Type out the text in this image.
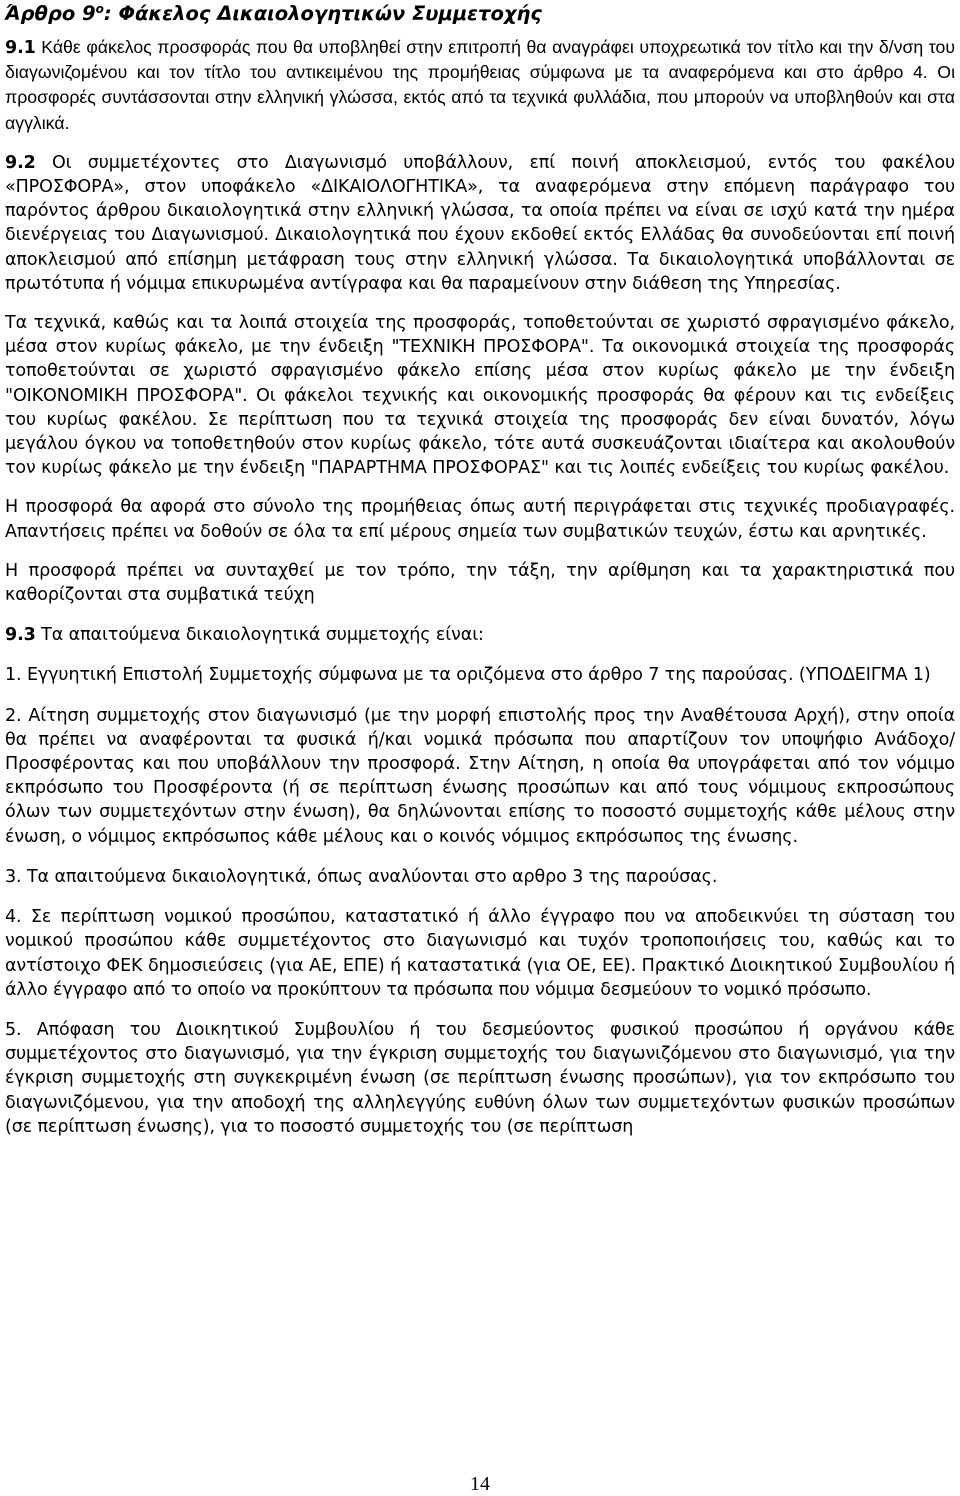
Άρθρο $9^o$: Φάκελος Δικαιολογητικών Συμμετοχής

9.1 Κάθε φάκελος προσφοράς που θα υποβληθεί στην επιτροπή θα αναγράφει υποχρεωτικά τον τίτλο και την δ/νση του διαγωνιζομένου και τον τίτλο του αντικειμένου της προμήθειας σύμφωνα με τα αναφερόμενα και στο άρθρο 4. Οι προσφορές συντάσσονται στην ελληνική γλώσσα, εκτός από τα τεχνικά φυλλάδια, που μπορούν να υποβληθούν και στα αγγλικά.

9.2 Οι συμμετέχοντες στο Διαγωνισμό υποβάλλουν, επί ποινή αποκλεισμού, εντός του φακέλου «ΠΡΟΣΦΟΡΑ», στον υποφάκελο «ΔΙΚΑΙΟΛΟΓΗΤΙΚΑ», τα αναφερόμενα στην επόμενη παράγραφο του παρόντος άρθρου δικαιολογητικά στην ελληνική γλώσσα, τα οποία πρέπει να είναι σε ισχύ κατά την ημέρα διενέργειας του Διαγωνισμού. Δικαιολογητικά που έχουν εκδοθεί εκτός Ελλάδας θα συνοδεύονται επί ποινή αποκλεισμού από επίσημη μετάφραση τους στην ελληνική γλώσσα. Τα δικαιολογητικά υποβάλλονται σε πρωτότυπα ή νόμιμα επικυρωμένα αντίγραφα και θα παραμείνουν στην διάθεση της Υπηρεσίας.

Τα τεχνικά, καθώς και τα λοιπά στοιχεία της προσφοράς, τοποθετούνται σε χωριστό σφραγισμένο φάκελο, μέσα στον κυρίως φάκελο, με την ένδειξη "ΤΕΧΝΙΚΗ ΠΡΟΣΦΟΡΑ". Τα οικονομικά στοιχεία της προσφοράς τοποθετούνται σε χωριστό σφραγισμένο φάκελο επίσης μέσα στον κυρίως φάκελο με την ένδειξη "ΟΙΚΟΝΟΜΙΚΗ ΠΡΟΣΦΟΡΑ". Οι φάκελοι τεχνικής και οικονομικής προσφοράς θα φέρουν και τις ενδείξεις του κυρίως φακέλου. Σε περίπτωση που τα τεχνικά στοιχεία της προσφοράς δεν είναι δυνατόν, λόγω μεγάλου όγκου να τοποθετηθούν στον κυρίως φάκελο, τότε αυτά συσκευάζονται ιδιαίτερα και ακολουθούν τον κυρίως φάκελο με την ένδειξη "ΠΑΡΑΡΤΗΜΑ ΠΡΟΣΦΟΡΑΣ" και τις λοιπές ενδείξεις του κυρίως φακέλου.

Η προσφορά θα αφορά στο σύνολο της προμήθειας όπως αυτή περιγράφεται στις τεχνικές προδιαγραφές. Απαντήσεις πρέπει να δοθούν σε όλα τα επί μέρους σημεία των συμβατικών τευχών, έστω και αρνητικές.

Η προσφορά πρέπει να συνταχθεί με τον τρόπο, την τάξη, την αρίθμηση και τα χαρακτηριστικά που καθορίζονται στα συμβατικά τεύχη

9.3 Τα απαιτούμενα δικαιολογητικά συμμετοχής είναι:

1. Εγγυητική Επιστολή Συμμετοχής σύμφωνα με τα οριζόμενα στο άρθρο 7 της παρούσας. (ΥΠΟΔΕΙΓΜΑ 1)

2. Αίτηση συμμετοχής στον διαγωνισμό (με την μορφή επιστολής προς την Αναθέτουσα Αρχή), στην οποία θα πρέπει να αναφέρονται τα φυσικά ή/και νομικά πρόσωπα που απαρτίζουν τον υποψήφιο Ανάδοχο/ Προσφέροντας και που υποβάλλουν την προσφορά. Στην Αίτηση, η οποία θα υπογράφεται από τον νόμιμο εκπρόσωπο του Προσφέροντα (ή σε περίπτωση ένωσης προσώπων και από τους νόμιμους εκπροσώπους όλων των συμμετεχόντων στην ένωση), θα δηλώνονται επίσης το ποσοστό συμμετοχής κάθε μέλους στην ένωση, ο νόμιμος εκπρόσωπος κάθε μέλους και ο κοινός νόμιμος εκπρόσωπος της ένωσης.

3. Τα απαιτούμενα δικαιολογητικά, όπως αναλύονται στο αρθρο 3 της παρούσας.

4. Σε περίπτωση νομικού προσώπου, καταστατικό ή άλλο έγγραφο που να αποδεικνύει τη σύσταση του νομικού προσώπου κάθε συμμετέχοντος στο διαγωνισμό και τυχόν τροποποιήσεις του, καθώς και το αντίστοιχο ΦΕΚ δημοσιεύσεις (για ΑΕ, ΕΠΕ) ή καταστατικά (για ΟΕ, ΕΕ). Πρακτικό Διοικητικού Συμβουλίου ή άλλο έγγραφο από το οποίο να προκύπτουν τα πρόσωπα που νόμιμα δεσμεύουν το νομικό πρόσωπο.

5. Απόφαση του Διοικητικού Συμβουλίου ή του δεσμεύοντος φυσικού προσώπου ή οργάνου κάθε συμμετέχοντος στο διαγωνισμό, για την έγκριση συμμετοχής του διαγωνιζόμενου στο διαγωνισμό, για την έγκριση συμμετοχής στη συγκεκριμένη ένωση (σε περίπτωση ένωσης προσώπων), για τον εκπρόσωπο του διαγωνιζόμενου, για την αποδοχή της αλληλεγγύης ευθύνη όλων των συμμετεχόντων φυσικών προσώπων (σε περίπτωση ένωσης), για το ποσοστό συμμετοχής του (σε περίπτωση

14
